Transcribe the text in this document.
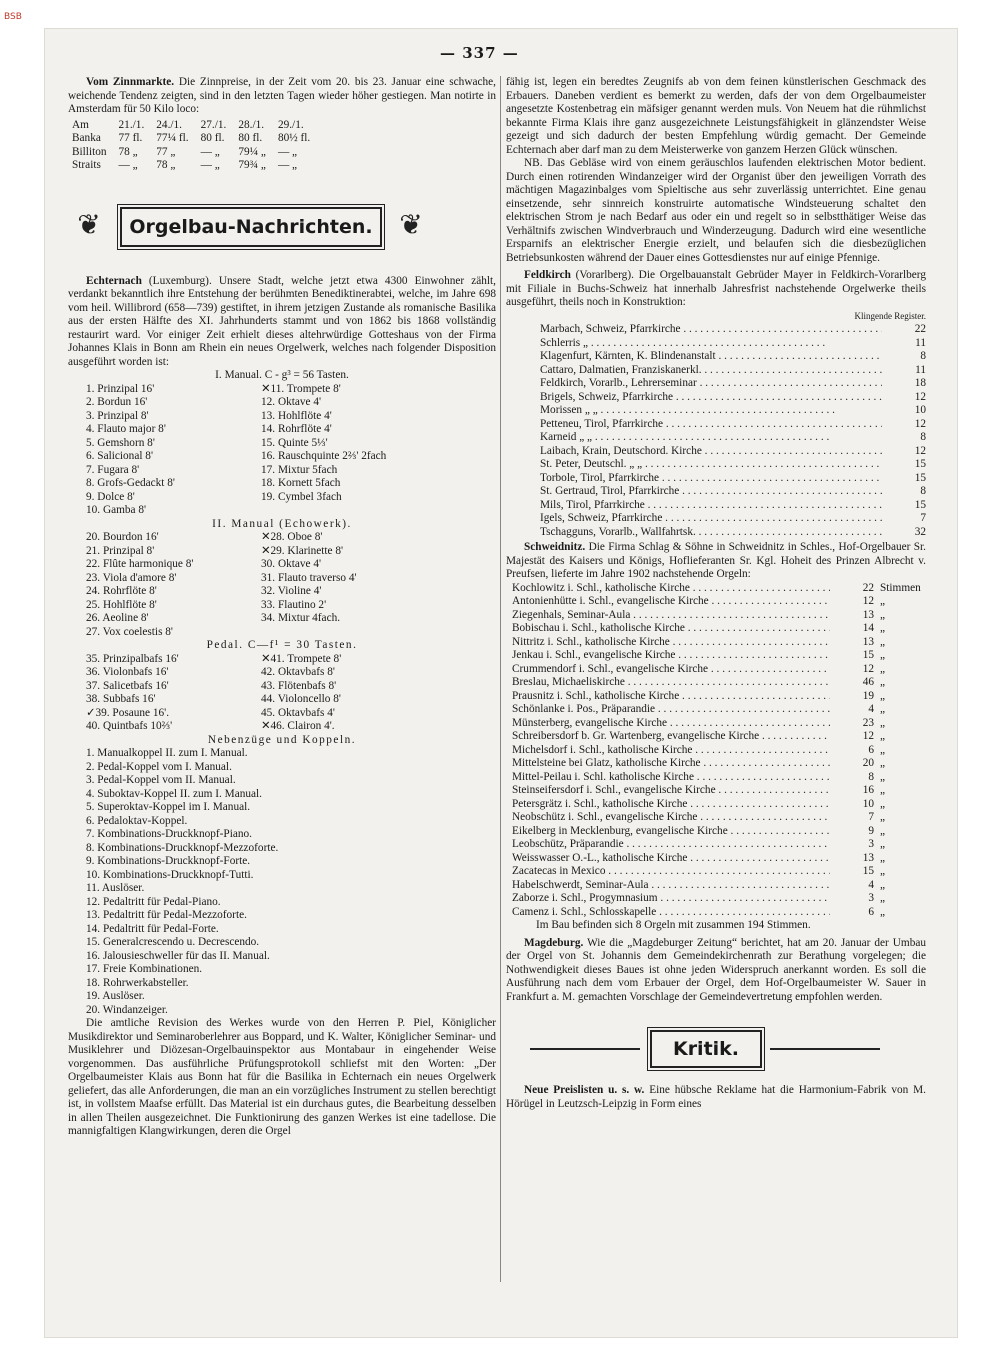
BSB
— 337 —

Vom Zinnmarkte. Die Zinnpreise, in der Zeit vom 20. bis 23. Januar eine schwache, weichende Tendenz zeigten, sind in den letzten Tagen wieder höher gestiegen. Man notirte in Amsterdam für 50 Kilo loco:

Am	21./1.	24./1.	27./1.	28./1.	29./1.
Banka	77 fl.	77¼ fl.	80 fl.	80 fl.	80½ fl.
Billiton	78 „	77 „	— „	79¼ „	— „
Straits	— „	78 „	— „	79¾ „	— „
❦	Orgelbau-Nachrichten. ❦

Echternach (Luxemburg). Unsere Stadt, welche jetzt etwa 4300 Einwohner zählt, verdankt bekanntlich ihre Entstehung der berühmten Benediktinerabtei, welche, im Jahre 698 vom heil. Willibrord (658—739) gestiftet, in ihrem jetzigen Zustande als romanische Basilika aus der ersten Hälfte des XI. Jahrhunderts stammt und von 1862 bis 1868 vollständig restaurirt ward. Vor einiger Zeit erhielt dieses altehrwürdige Gotteshaus von der Firma Johannes Klais in Bonn am Rhein ein neues Orgelwerk, welches nach folgender Disposition ausgeführt worden ist:

I. Manual. C - g³ = 56 Tasten.
1. Prinzipal 16'
2. Bordun 16'
3. Prinzipal 8'
4. Flauto major 8'
5. Gemshorn 8'
6. Salicional 8'
7. Fugara 8'
8. Grofs-Gedackt 8'
9. Dolce 8'
10. Gamba 8'
✕11. Trompete 8'
12. Oktave 4'
13. Hohlflöte 4'
14. Rohrflöte 4'
15. Quinte 5⅓'
16. Rauschquinte 2⅔' 2fach
17. Mixtur 5fach
18. Kornett 5fach
19. Cymbel 3fach
II. Manual (Echowerk).
20. Bourdon 16'
21. Prinzipal 8'
22. Flûte harmonique 8'
23. Viola d'amore 8'
24. Rohrflöte 8'
25. Hohlflöte 8'
26. Aeoline 8'
27. Vox coelestis 8'
✕28. Oboe 8'
✕29. Klarinette 8'
30. Oktave 4'
31. Flauto traverso 4'
32. Violine 4'
33. Flautino 2'
34. Mixtur 4fach.
Pedal. C—f¹ = 30 Tasten.
35. Prinzipalbafs 16'
36. Violonbafs 16'
37. Salicetbafs 16'
38. Subbafs 16'
✓39. Posaune 16'.
40. Quintbafs 10⅔'
✕41. Trompete 8'
42. Oktavbafs 8'
43. Flötenbafs 8'
44. Violoncello 8'
45. Oktavbafs 4'
✕46. Clairon 4'.
Nebenzüge und Koppeln.
1. Manualkoppel II. zum I. Manual.
2. Pedal-Koppel vom I. Manual.
3. Pedal-Koppel vom II. Manual.
4. Suboktav-Koppel II. zum I. Manual.
5. Superoktav-Koppel im I. Manual.
6. Pedaloktav-Koppel.
7. Kombinations-Druckknopf-Piano.
8. Kombinations-Druckknopf-Mezzoforte.
9. Kombinations-Druckknopf-Forte.
10. Kombinations-Druckknopf-Tutti.
11. Auslöser.
12. Pedaltritt für Pedal-Piano.
13. Pedaltritt für Pedal-Mezzoforte.
14. Pedaltritt für Pedal-Forte.
15. Generalcrescendo u. Decrescendo.
16. Jalousieschweller für das II. Manual.
17. Freie Kombinationen.
18. Rohrwerkabsteller.
19. Auslöser.
20. Windanzeiger.

Die amtliche Revision des Werkes wurde von den Herren P. Piel, Königlicher Musikdirektor und Seminaroberlehrer aus Boppard, und K. Walter, Königlicher Seminar- und Musiklehrer und Diözesan-Orgelbauinspektor aus Montabaur in eingehender Weise vorgenommen. Das ausführliche Prüfungsprotokoll schliefst mit den Worten: „Der Orgelbaumeister Klais aus Bonn hat für die Basilika in Echternach ein neues Orgelwerk geliefert, das alle Anforderungen, die man an ein vorzügliches Instrument zu stellen berechtigt ist, in vollstem Maafse erfüllt. Das Material ist ein durchaus gutes, die Bearbeitung desselben in allen Theilen ausgezeichnet. Die Funktionirung des ganzen Werkes ist eine tadellose. Die mannigfaltigen Klangwirkungen, deren die Orgel

fähig ist, legen ein beredtes Zeugnifs ab von dem feinen künstlerischen Geschmack des Erbauers. Daneben verdient es bemerkt zu werden, dafs der von dem Orgelbaumeister angesetzte Kostenbetrag ein mäfsiger genannt werden muls. Von Neuem hat die rühmlichst bekannte Firma Klais ihre ganz ausgezeichnete Leistungsfähigkeit in glänzendster Weise gezeigt und sich dadurch der besten Empfehlung würdig gemacht. Der Gemeinde Echternach aber darf man zu dem Meisterwerke von ganzem Herzen Glück wünschen.

NB. Das Gebläse wird von einem geräuschlos laufenden elektrischen Motor bedient. Durch einen rotirenden Windanzeiger wird der Organist über den jeweiligen Vorrath des mächtigen Magazinbalges vom Spieltische aus sehr zuverlässig unterrichtet. Eine genau einsetzende, sehr sinnreich konstruirte automatische Windsteuerung schaltet den elektrischen Strom je nach Bedarf aus oder ein und regelt so in selbstthätiger Weise das Verhältnifs zwischen Windverbrauch und Winderzeugung. Dadurch wird eine wesentliche Ersparnifs an elektrischer Energie erzielt, und belaufen sich die diesbezüglichen Betriebsunkosten während der Dauer eines Gottesdienstes nur auf einige Pfennige.

Feldkirch (Vorarlberg). Die Orgelbauanstalt Gebrüder Mayer in Feldkirch-Vorarlberg mit Filiale in Buchs-Schweiz hat innerhalb Jahresfrist nachstehende Orgelwerke theils ausgeführt, theils noch in Konstruktion:

Klingende Register.
Marbach, Schweiz, Pfarrkirche . . .	22
Schlerris „ . . .	11
Klagenfurt, Kärnten, K. Blindenanstalt . . .	8
Cattaro, Dalmatien, Franziskanerkl. . . .	11
Feldkirch, Vorarlb., Lehrerseminar . . .	18
Brigels, Schweiz, Pfarrkirche . . .	12
Morissen „ „ . . .	10
Petteneu, Tirol, Pfarrkirche . . .	12
Karneid „ „ . . .	8
Laibach, Krain, Deutschord. Kirche . . .	12
St. Peter, Deutschl. „ „ . . .	15
Torbole, Tirol, Pfarrkirche . . .	15
St. Gertraud, Tirol, Pfarrkirche . . .	8
Mils, Tirol, Pfarrkirche . . .	15
Igels, Schweiz, Pfarrkirche . . .	7
Tschagguns, Vorarlb., Wallfahrtsk. . . .	32

Schweidnitz. Die Firma Schlag & Söhne in Schweidnitz in Schles., Hof-Orgelbauer Sr. Majestät des Kaisers und Königs, Hoflieferanten Sr. Kgl. Hoheit des Prinzen Albrecht v. Preufsen, lieferte im Jahre 1902 nachstehende Orgeln:

Kochlowitz i. Schl., katholische Kirche . . .	22 Stimmen
Antonienhütte i. Schl., evangelische Kirche . . .	12 „
Ziegenhals, Seminar-Aula . . .	13 „
Bobischau i. Schl., katholische Kirche . . .	14 „
Nittritz i. Schl., katholische Kirche . . .	13 „
Jenkau i. Schl., evangelische Kirche . . .	15 „
Crummendorf i. Schl., evangelische Kirche . . .	12 „
Breslau, Michaeliskirche . . .	46 „
Prausnitz i. Schl., katholische Kirche . . .	19 „
Schönlanke i. Pos., Präparandie . . .	4 „
Münsterberg, evangelische Kirche . . .	23 „
Schreibersdorf b. Gr. Wartenberg, evangelische Kirche . . .	12 „
Michelsdorf i. Schl., katholische Kirche . . .	6 „
Mittelsteine bei Glatz, katholische Kirche . . .	20 „
Mittel-Peilau i. Schl. katholische Kirche . . .	8 „
Steinseifersdorf i. Schl., evangelische Kirche . . .	16 „
Petersgrätz i. Schl., katholische Kirche . . .	10 „
Neobschütz i. Schl., evangelische Kirche . . .	7 „
Eikelberg in Mecklenburg, evangelische Kirche . . .	9 „
Leobschütz, Präparandie . . .	3 „
Weisswasser O.-L., katholische Kirche . . .	13 „
Zacatecas in Mexico . . .	15 „
Habelschwerdt, Seminar-Aula . . .	4 „
Zaborze i. Schl., Progymnasium . . .	3 „
Camenz i. Schl., Schlosskapelle . . .	6 „

Im Bau befinden sich 8 Orgeln mit zusammen 194 Stimmen.

Magdeburg. Wie die „Magdeburger Zeitung“ berichtet, hat am 20. Januar der Umbau der Orgel von St. Johannis dem Gemeindekirchenrath zur Berathung vorgelegen; die Nothwendigkeit dieses Baues ist ohne jeden Widerspruch anerkannt worden. Es soll die Ausführung nach dem vom Erbauer der Orgel, dem Hof-Orgelbaumeister W. Sauer in Frankfurt a. M. gemachten Vorschlage der Gemeindevertretung empfohlen werden.

Kritik.

Neue Preislisten u. s. w. Eine hübsche Reklame hat die Harmonium-Fabrik von M. Hörügel in Leutzsch-Leipzig in Form eines
